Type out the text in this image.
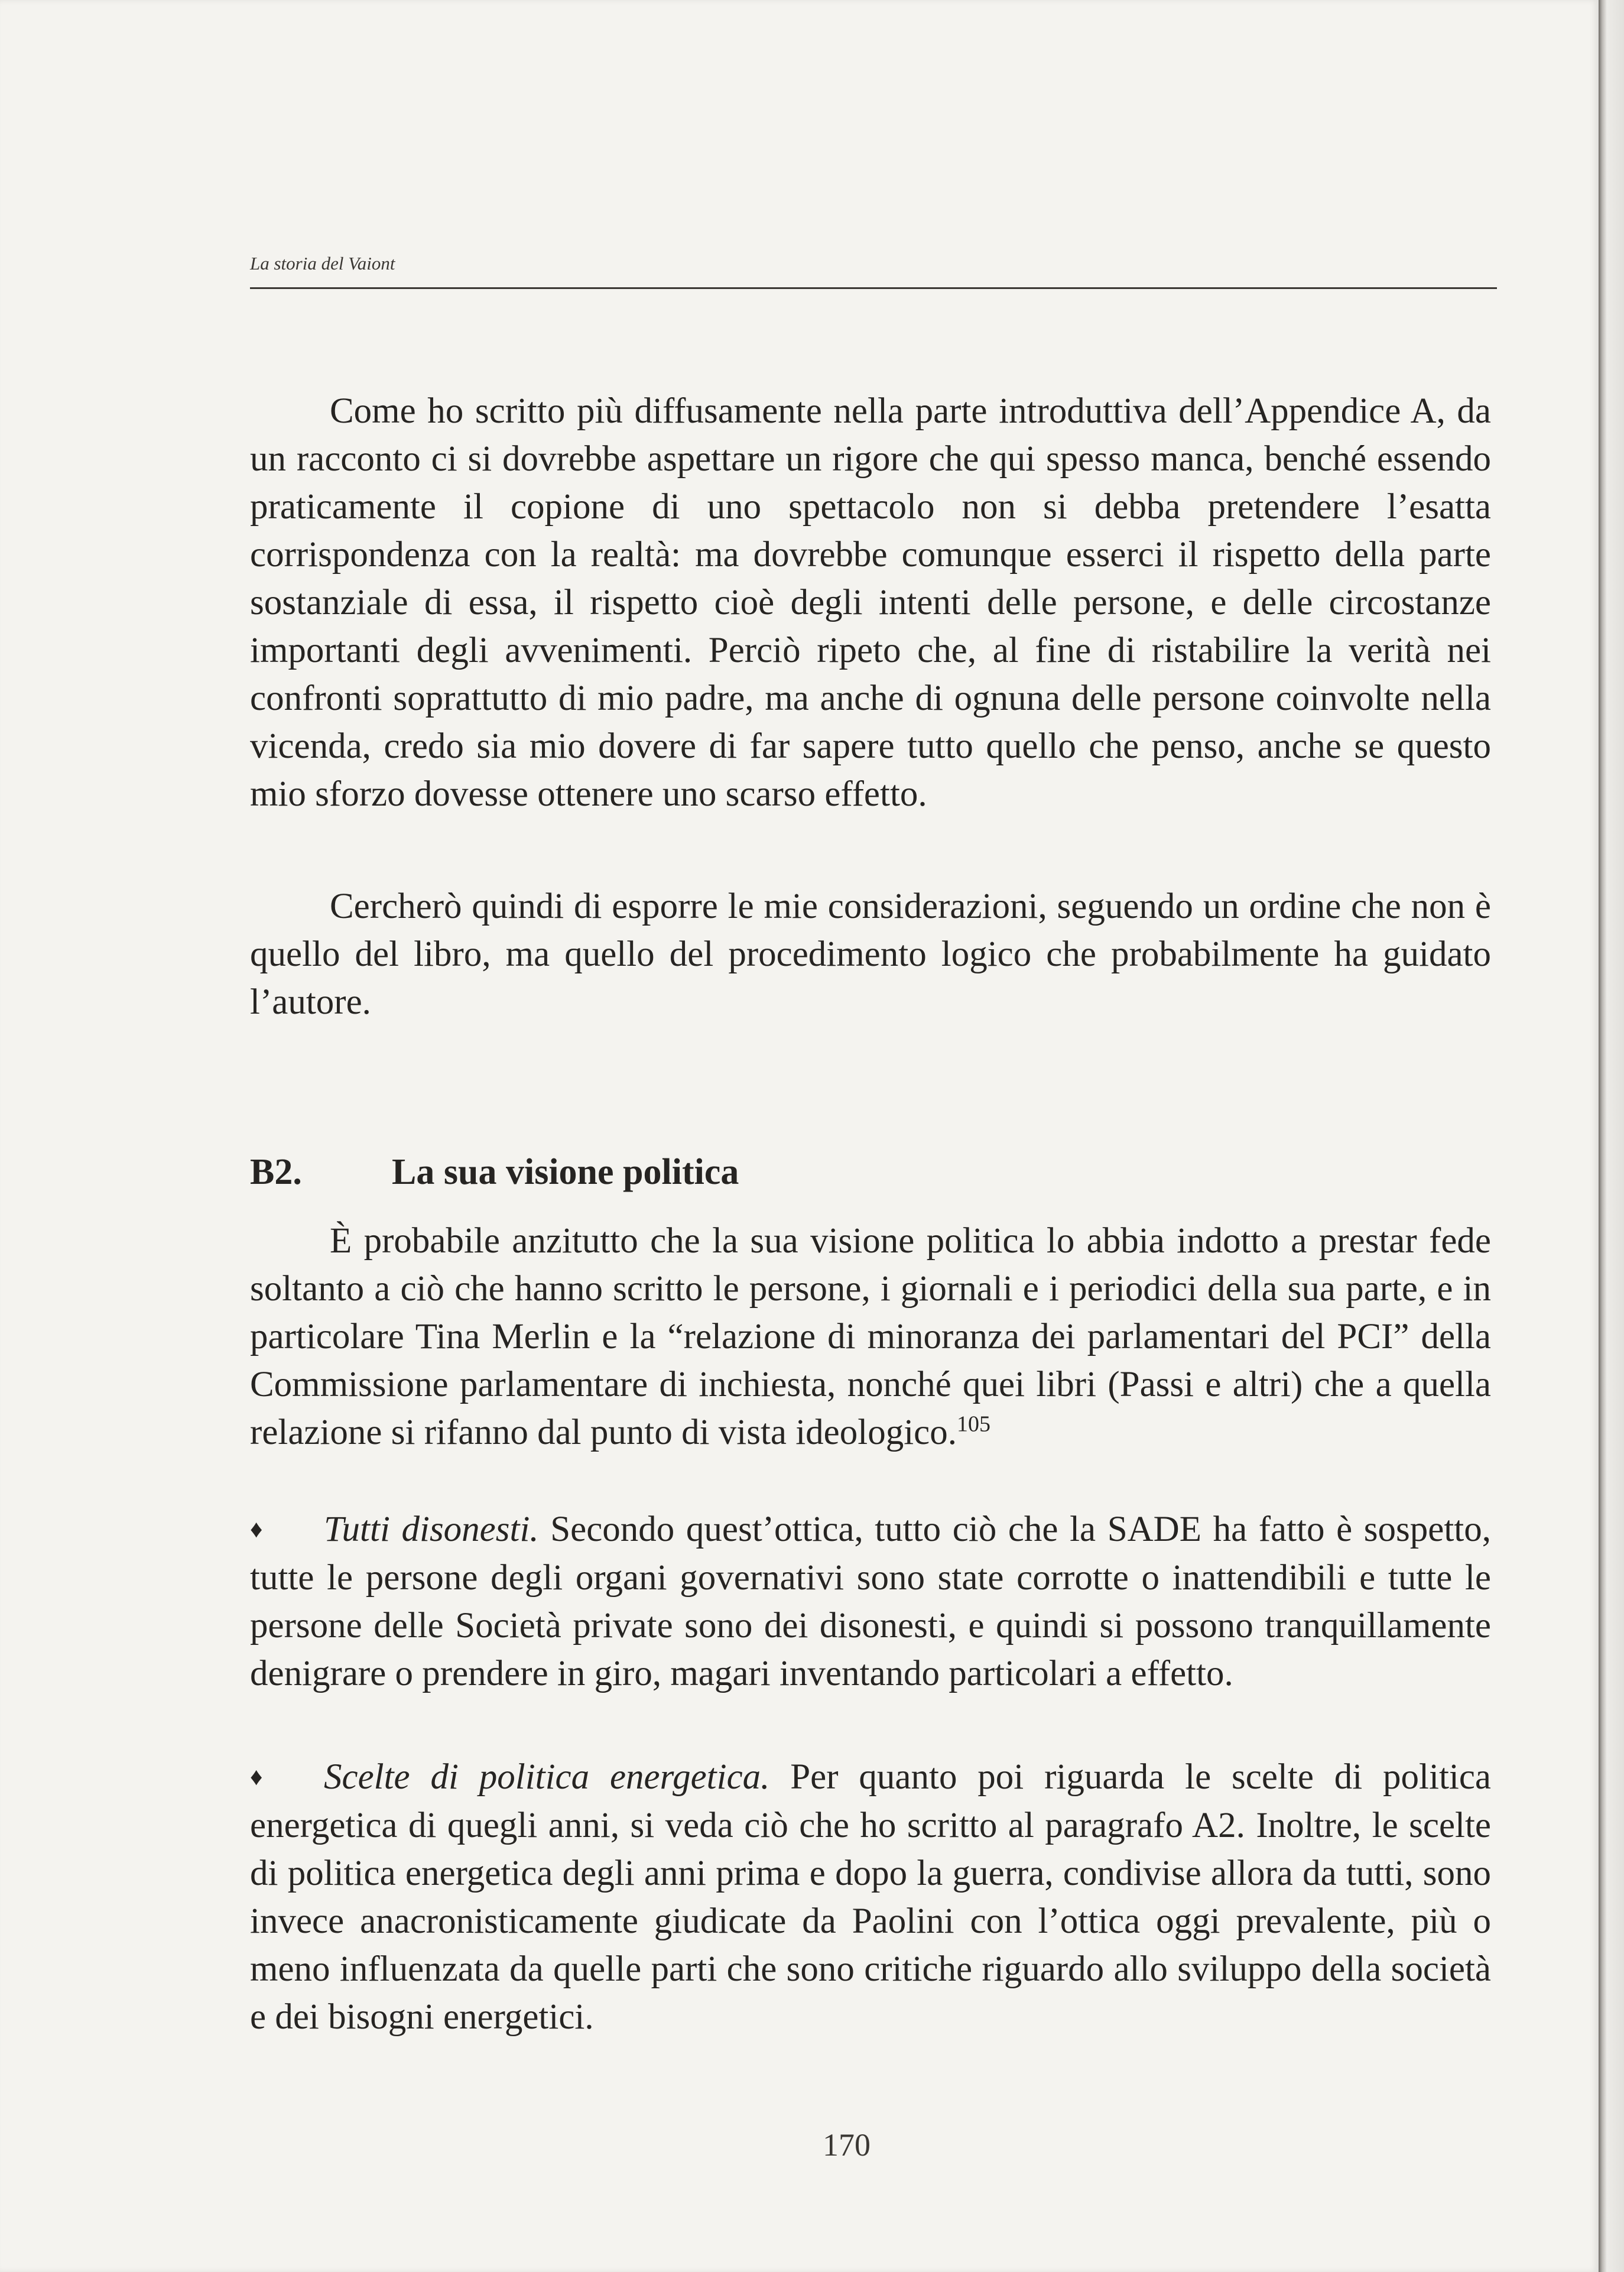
La storia del Vaiont

Come ho scritto più diffusamente nella parte introduttiva dell’Appendice A, da un racconto ci si dovrebbe aspettare un rigore che qui spesso manca, benché essendo praticamente il copione di uno spettacolo non si debba pretendere l’esatta corrispondenza con la realtà: ma dovrebbe comunque esserci il rispetto della parte sostanziale di essa, il rispetto cioè degli intenti delle persone, e delle circostanze importanti degli avvenimenti. Perciò ripeto che, al fine di ristabilire la verità nei confronti soprattutto di mio padre, ma anche di ognuna delle persone coinvolte nella vicenda, credo sia mio dovere di far sapere tutto quello che penso, anche se questo mio sforzo dovesse ottenere uno scarso effetto.

Cercherò quindi di esporre le mie considerazioni, seguendo un ordine che non è quello del libro, ma quello del procedimento logico che probabilmente ha guidato l’autore.

B2. La sua visione politica

È probabile anzitutto che la sua visione politica lo abbia indotto a prestar fede soltanto a ciò che hanno scritto le persone, i giornali e i periodici della sua parte, e in particolare Tina Merlin e la “relazione di minoranza dei parlamentari del PCI” della Commissione parlamentare di inchiesta, nonché quei libri (Passi e altri) che a quella relazione si rifanno dal punto di vista ideologico.$^{105}$

♦ Tutti disonesti. Secondo quest’ottica, tutto ciò che la SADE ha fatto è sospetto, tutte le persone degli organi governativi sono state corrotte o inattendibili e tutte le persone delle Società private sono dei disonesti, e quindi si possono tranquillamente denigrare o prendere in giro, magari inventando particolari a effetto.

♦ Scelte di politica energetica. Per quanto poi riguarda le scelte di politica energetica di quegli anni, si veda ciò che ho scritto al paragrafo A2. Inoltre, le scelte di politica energetica degli anni prima e dopo la guerra, condivise allora da tutti, sono invece anacronisticamente giudicate da Paolini con l’ottica oggi prevalente, più o meno influenzata da quelle parti che sono critiche riguardo allo sviluppo della società e dei bisogni energetici.

170
